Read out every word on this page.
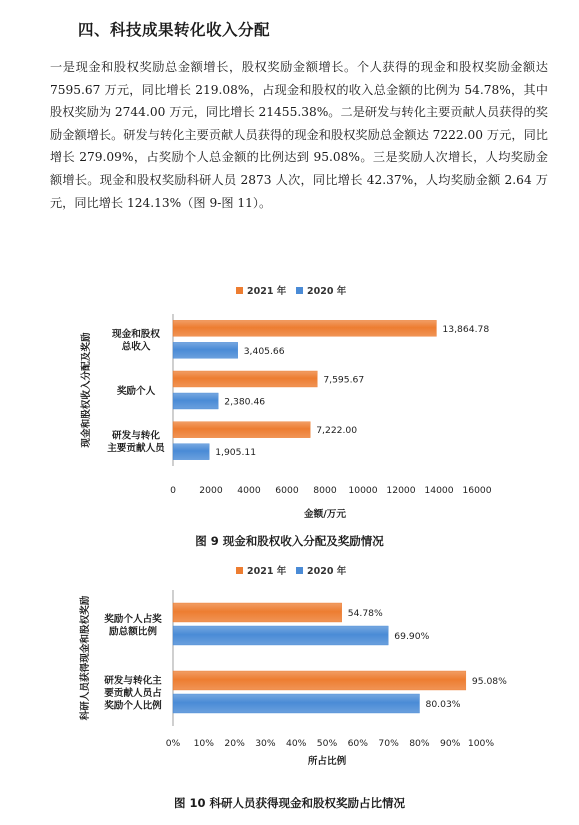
四、科技成果转化收入分配

一是现金和股权奖励总金额增长，股权奖励金额增长。个人获得的现金和股权奖励金额达 7595.67 万元，同比增长 219.08%，占现金和股权的收入总金额的比例为 54.78%，其中股权奖励为 2744.00 万元，同比增长 21455.38%。二是研发与转化主要贡献人员获得的奖励金额增长。研发与转化主要贡献人员获得的现金和股权奖励总金额达 7222.00 万元，同比增长 279.09%，占奖励个人总金额的比例达到 95.08%。三是奖励人次增长，人均奖励金额增长。现金和股权奖励科研人员 2873 人次，同比增长 42.37%，人均奖励金额 2.64 万元，同比增长 124.13%（图 9-图 11）。

2021 年 2020 年
13,864.78
3,405.66
现金和股权
总收入
7,595.67
2,380.46
奖励个人
7,222.00
1,905.11
研发与转化
主要贡献人员
0	2000 4000 6000 8000 10000 12000 14000 16000
金额/万元
现金和股权收入分配及奖励
图 9 现金和股权收入分配及奖励情况
2021 年 2020 年
54.78%
69.90%
奖励个人占奖
励总额比例
95.08%
80.03%
研发与转化主
要贡献人员占
奖励个人比例
0% 10% 20% 30% 40% 50% 60% 70% 80% 90% 100%
所占比例
科研人员获得现金和股权奖励
图 10 科研人员获得现金和股权奖励占比情况
